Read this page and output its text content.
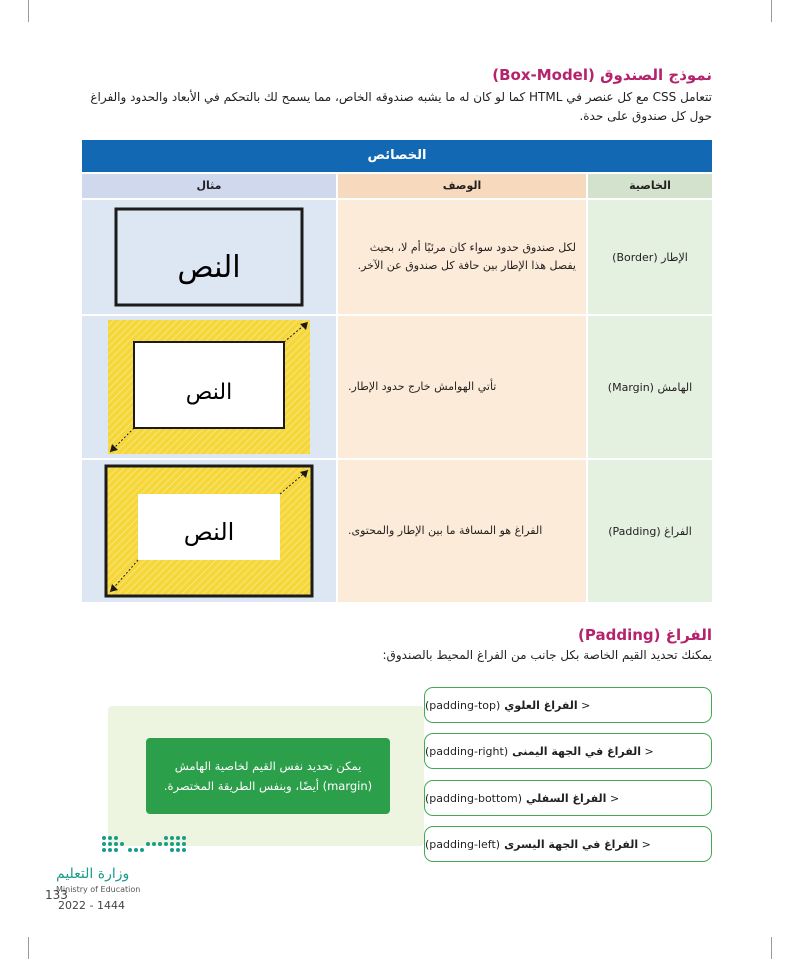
نموذج الصندوق (Box-Model)
تتعامل CSS مع كل عنصر في HTML كما لو كان له ما يشبه صندوقه الخاص، مما يسمح لك بالتحكم في الأبعاد والحدود والفراغ حول كل صندوق على حدة.
الخصائص
الخاصية
الوصف
مثال
الإطار (Border)
لكل صندوق حدود سواء كان مرئيًا أم لا، بحيث يفصل هذا الإطار بين حافة كل صندوق عن الآخر.
النص
الهامش (Margin)
تأتي الهوامش خارج حدود الإطار.
النص
الفراغ (Padding)
الفراغ هو المسافة ما بين الإطار والمحتوى.
النص
الفراغ (Padding)
يمكنك تحديد القيم الخاصة بكل جانب من الفراغ المحيط بالصندوق:
يمكن تحديد نفس القيم لخاصية الهامش (margin) أيضًا، وبنفس الطريقة المختصرة.
<

الفراغ العلوي
(padding-top)
<

الفراغ في الجهة اليمنى
(padding-right)
<

الفراغ السفلي
(padding-bottom)
<

الفراغ في الجهة اليسرى
(padding-left)
وزارة التعليم
Ministry of Education
133
2022 - 1444
